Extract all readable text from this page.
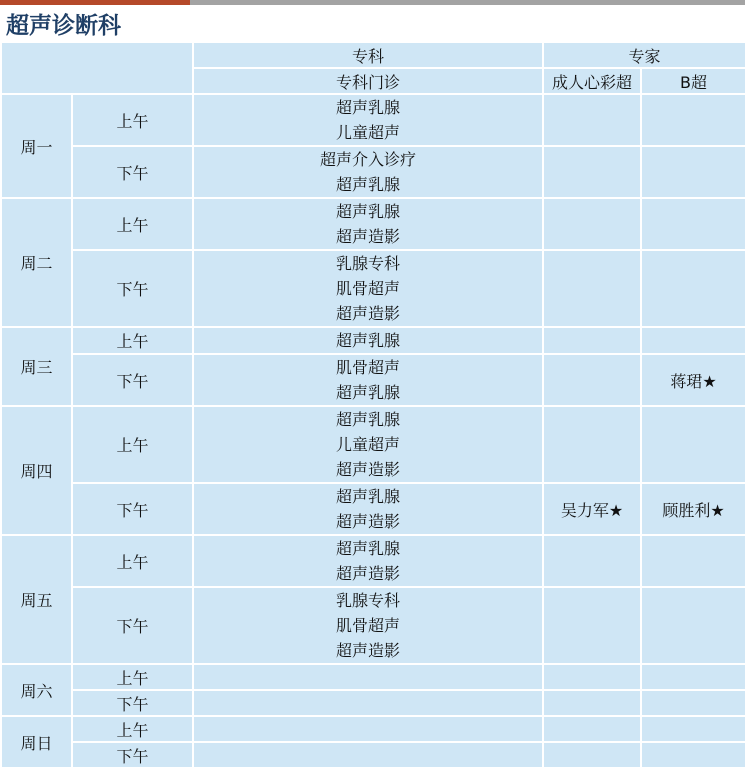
超声诊断科				
		专科	专家	
		专科门诊	成人心彩超	B超
周一	上午	超声乳腺
儿童超声		

	下午	超声介入诊疗
超声乳腺		

周二	上午	超声乳腺
超声造影		

	下午	乳腺专科
肌骨超声
超声造影		

周三	上午	超声乳腺		

	下午	肌骨超声
超声乳腺		蒋珺★
周四	上午	超声乳腺
儿童超声
超声造影		

	下午	超声乳腺
超声造影	吴力军★	顾胜利★
周五	上午	超声乳腺
超声造影		

	下午	乳腺专科
肌骨超声
超声造影		

周六	上午			
	下午			
周日	上午			
	下午			
